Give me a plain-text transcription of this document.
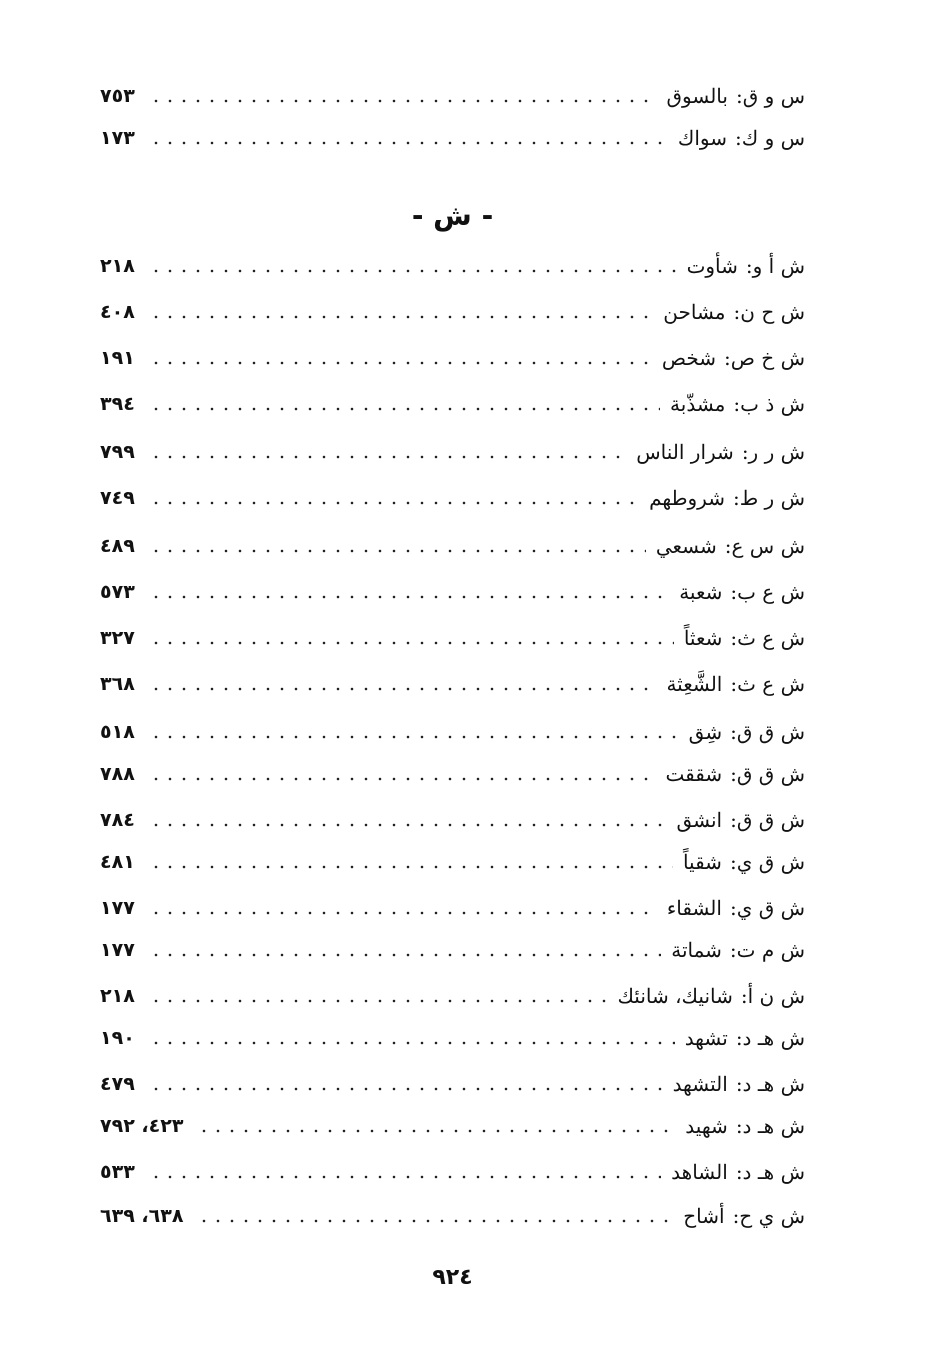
س و ق:
بالسوق
٧٥٣
س و ك:
سواك
١٧٣
- ش -
ش أ و:
شأوت
٢١٨
ش ح ن:
مشاحن
٤٠٨
ش خ ص:
شخص
١٩١
ش ذ ب:
مشذّبة
٣٩٤
ش ر ر:
شرار الناس
٧٩٩
ش ر ط:
شروطهم
٧٤٩
ش س ع:
شسعي
٤٨٩
ش ع ب:
شعبة
٥٧٣
ش ع ث:
شعثاً
٣٢٧
ش ع ث:
الشَّعِثة
٣٦٨
ش ق ق:
شِق
٥١٨
ش ق ق:
شققت
٧٨٨
ش ق ق:
انشق
٧٨٤
ش ق ي:
شقياً
٤٨١
ش ق ي:
الشقاء
١٧٧
ش م ت:
شماتة
١٧٧
ش ن أ:
شانيك، شانئك
٢١٨
ش هـ د:
تشهد
١٩٠
ش هـ د:
التشهد
٤٧٩
ش هـ د:
شهيد
٤٢٣، ٧٩٢
ش هـ د:
الشاهد
٥٣٣
ش ي ح:
أشاح
٦٣٨، ٦٣٩
٩٢٤
